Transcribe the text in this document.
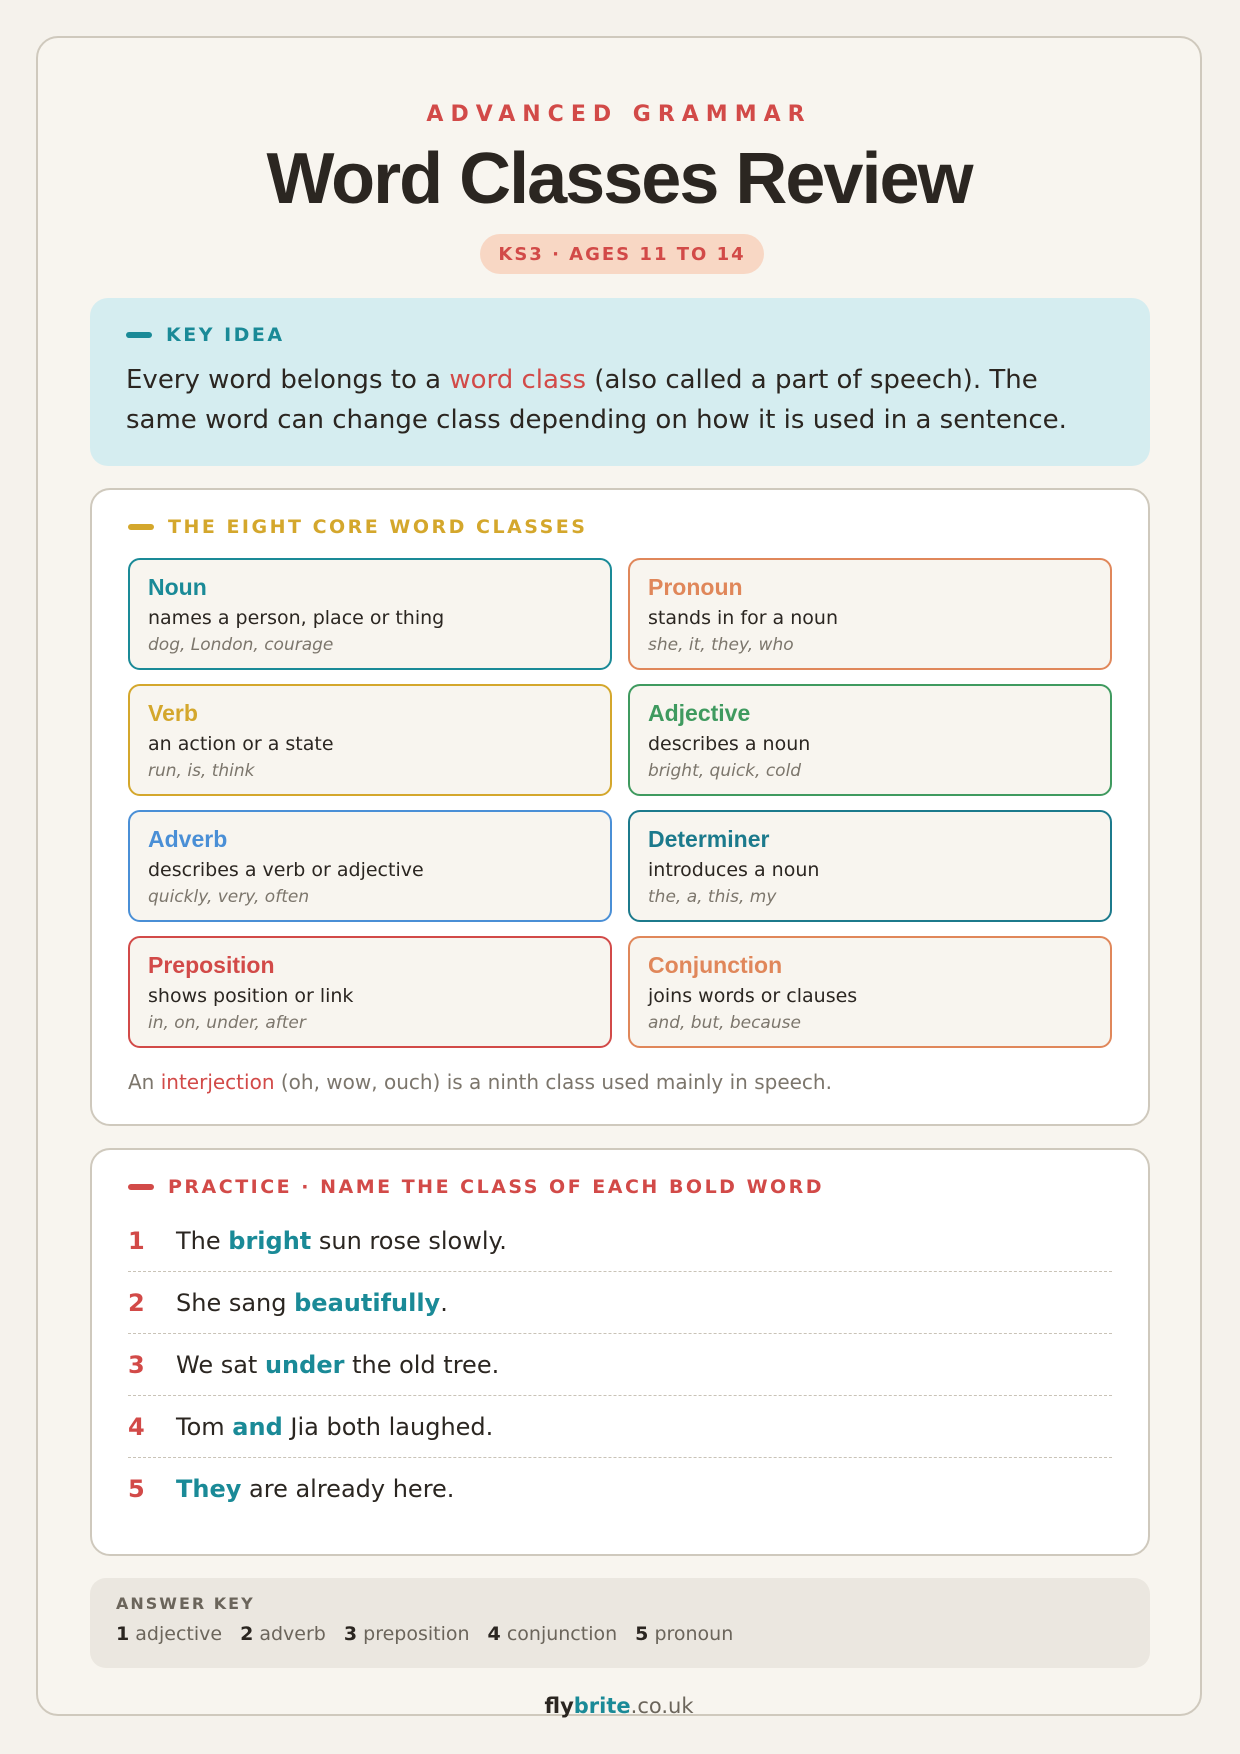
ADVANCED GRAMMAR
Word Classes Review
KS3 · AGES 11 TO 14
KEY IDEA
Every word belongs to a word class (also called a part of speech). The same word can change class depending on how it is used in a sentence.
THE EIGHT CORE WORD CLASSES
Noun
names a person, place or thing
dog, London, courage
Pronoun
stands in for a noun
she, it, they, who
Verb
an action or a state
run, is, think
Adjective
describes a noun
bright, quick, cold
Adverb
describes a verb or adjective
quickly, very, often
Determiner
introduces a noun
the, a, this, my
Preposition
shows position or link
in, on, under, after
Conjunction
joins words or clauses
and, but, because
An interjection (oh, wow, ouch) is a ninth class used mainly in speech.
PRACTICE · NAME THE CLASS OF EACH BOLD WORD
1	The bright sun rose slowly.
2	She sang beautifully.
3	We sat under the old tree.
4	Tom and Jia both laughed.
5	They are already here.
ANSWER KEY
1 adjective 2 adverb 3 preposition 4 conjunction 5 pronoun
flybrite.co.uk
